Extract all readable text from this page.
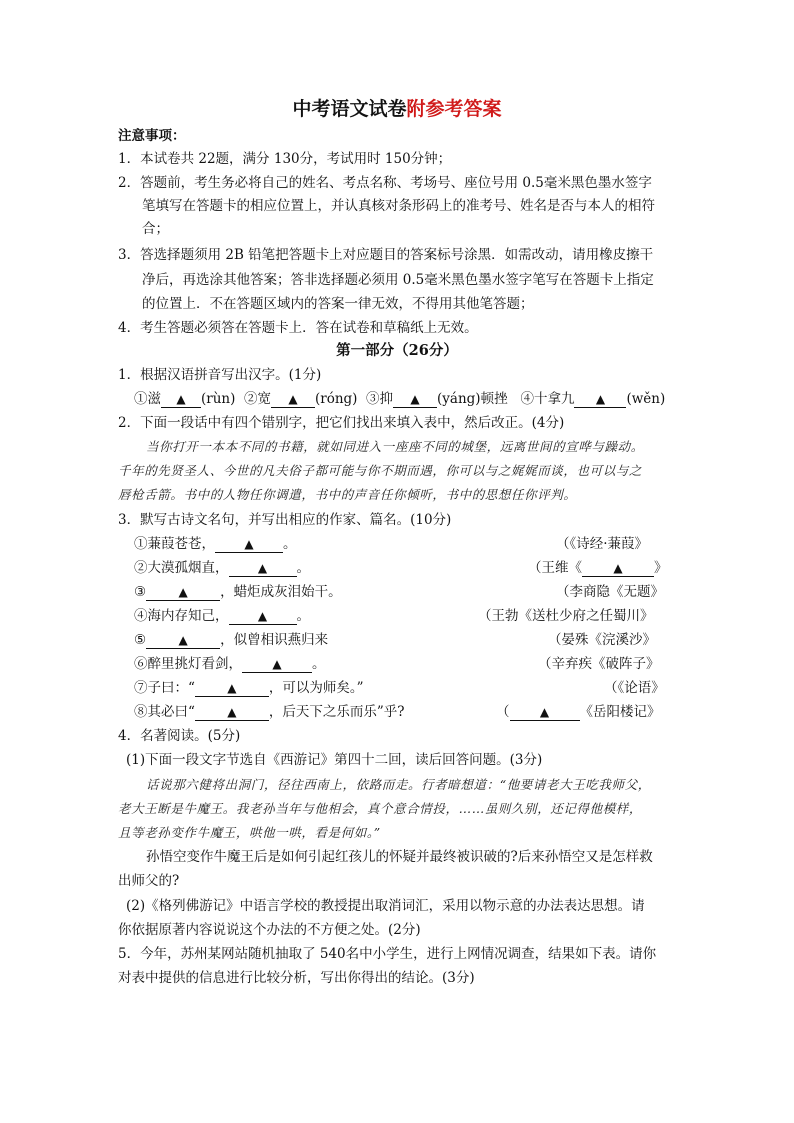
中考语文试卷附参考答案
注意事项：
1．本试卷共 22题，满分 130分，考试用时 150分钟；
2．答题前，考生务必将自己的姓名、考点名称、考场号、座位号用 0.5毫米黑色墨水签字
笔填写在答题卡的相应位置上，并认真核对条形码上的准考号、姓名是否与本人的相符
合；
3．答选择题须用 2B 铅笔把答题卡上对应题目的答案标号涂黑．如需改动，请用橡皮擦干
净后，再选涂其他答案；答非选择题必须用 0.5毫米黑色墨水签字笔写在答题卡上指定
的位置上．不在答题区域内的答案一律无效，不得用其他笔答题；
4．考生答题必须答在答题卡上．答在试卷和草稿纸上无效。
第一部分（26分）
1．根据汉语拼音写出汉字。(1分)
①滋 ▲ (rùn) ②宽 ▲ (róng) ③抑 ▲ (yáng)顿挫 ④十拿九 ▲ (wěn)
2．下面一段话中有四个错别字，把它们找出来填入表中，然后改正。(4分)
当你打开一本本不同的书籍，就如同进入一座座不同的城堡，远离世间的宣哗与躁动。
千年的先贤圣人、今世的凡夫俗子都可能与你不期而遇，你可以与之娓娓而谈，也可以与之
唇枪舌箭。书中的人物任你调遣，书中的声音任你倾听，书中的思想任你评判。
3．默写古诗文名句，并写出相应的作家、篇名。(10分)
①蒹葭苍苍， ▲ 。	（《诗经·蒹葭》
②大漠孤烟直， ▲ 。	（王维《	▲ 》
③	▲ ，蜡炬成灰泪始干。	（李商隐《无题》
④海内存知己， ▲ 。	（王勃《送杜少府之任蜀川》
⑤	▲ ，似曾相识燕归来	（晏殊《浣溪沙》
⑥醉里挑灯看剑，	▲ 。	（辛弃疾《破阵子》
⑦子曰：“	▲ ，可以为师矣。”	（《论语》
⑧其必曰“	▲ ，后天下之乐而乐”乎?	（	▲ 《岳阳楼记》
4．名著阅读。(5分)
(1)下面一段文字节选自《西游记》第四十二回，读后回答问题。(3分)
话说那六健将出洞门，径往西南上，依路而走。行者暗想道：“他要请老大王吃我师父，
老大王断是牛魔王。我老孙当年与他相会，真个意合情投，……虽则久别，还记得他模样，
且等老孙变作牛魔王，哄他一哄，看是何如。”
孙悟空变作牛魔王后是如何引起红孩儿的怀疑并最终被识破的?后来孙悟空又是怎样救
出师父的?
(2)《格列佛游记》中语言学校的教授提出取消词汇，采用以物示意的办法表达思想。请
你依据原著内容说说这个办法的不方便之处。(2分)
5．今年，苏州某网站随机抽取了 540名中小学生，进行上网情况调查，结果如下表。请你
对表中提供的信息进行比较分析，写出你得出的结论。(3分)
